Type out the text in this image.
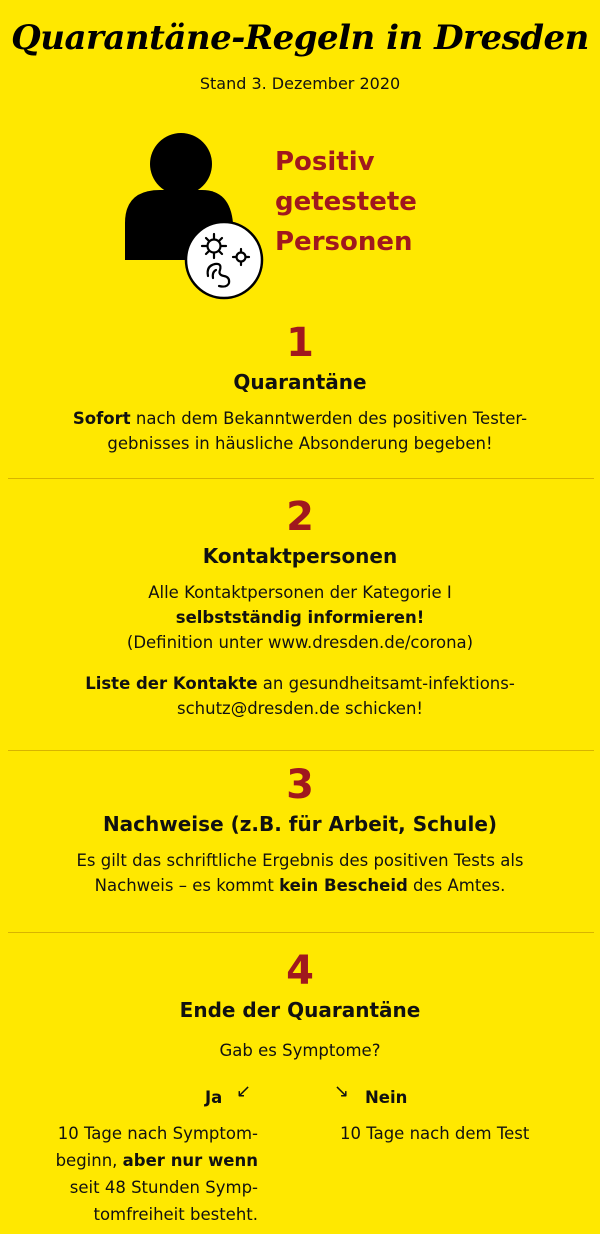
Quarantäne-Regeln in Dresden
Stand 3. Dezember 2020
Positiv
getestete
Personen
1
Quarantäne
Sofort nach dem Bekanntwerden des positiven Tester-
gebnisses in häusliche Absonderung begeben!
2
Kontaktpersonen
Alle Kontaktpersonen der Kategorie I
selbstständig informieren!
(Definition unter www.dresden.de/corona)
Liste der Kontakte an gesundheitsamt-infektions-
schutz@dresden.de schicken!
3
Nachweise (z.B. für Arbeit, Schule)
Es gilt das schriftliche Ergebnis des positiven Tests als
Nachweis – es kommt kein Bescheid des Amtes.
4
Ende der Quarantäne
Gab es Symptome?
Ja ↙	↘ Nein
10 Tage nach Symptom-
beginn, aber nur wenn
seit 48 Stunden Symp-
tomfreiheit besteht.
10 Tage nach dem Test
